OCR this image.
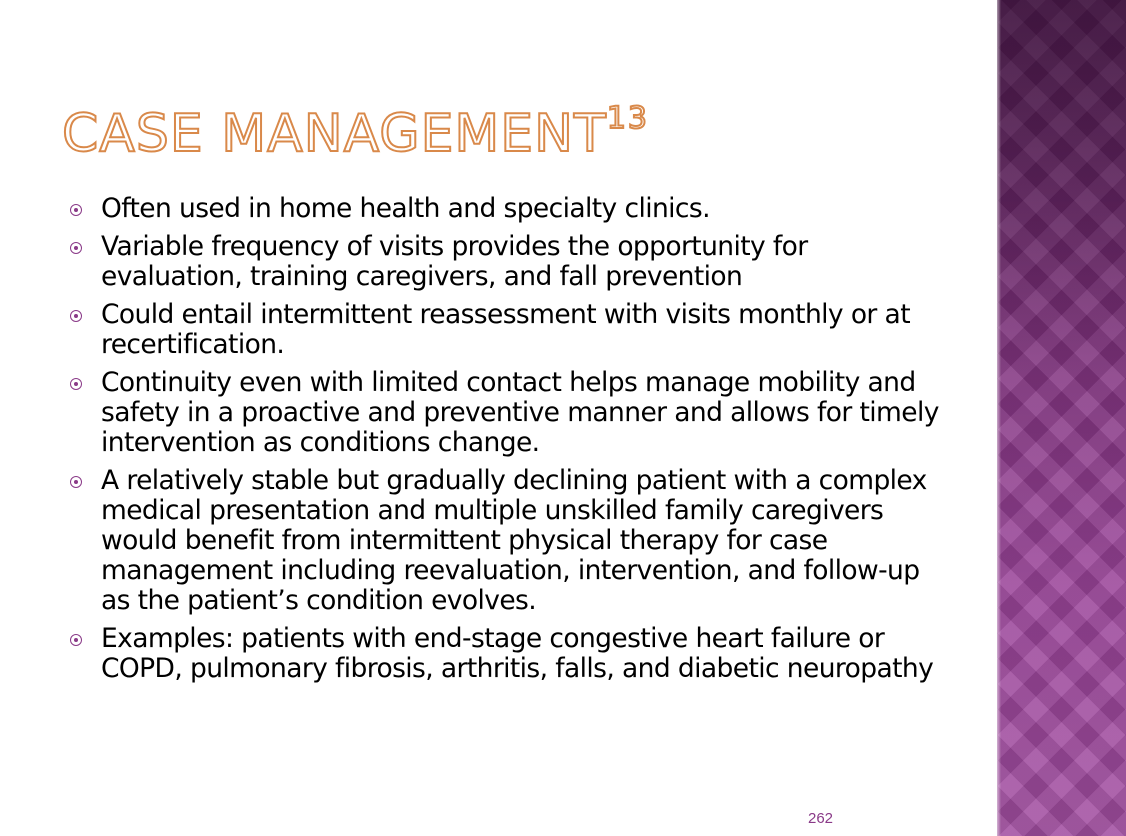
CASE MANAGEMENT$^{13}$
Often used in home health and specialty clinics.
Variable frequency of visits provides the opportunity for evaluation, training caregivers, and fall prevention
Could entail intermittent reassessment with visits monthly or at recertification.
Continuity even with limited contact helps manage mobility and safety in a proactive and preventive manner and allows for timely intervention as conditions change.
A relatively stable but gradually declining patient with a complex medical presentation and multiple unskilled family caregivers would benefit from intermittent physical therapy for case management including reevaluation, intervention, and follow-up as the patient’s condition evolves.
Examples: patients with end-stage congestive heart failure or COPD, pulmonary fibrosis, arthritis, falls, and diabetic neuropathy
262
